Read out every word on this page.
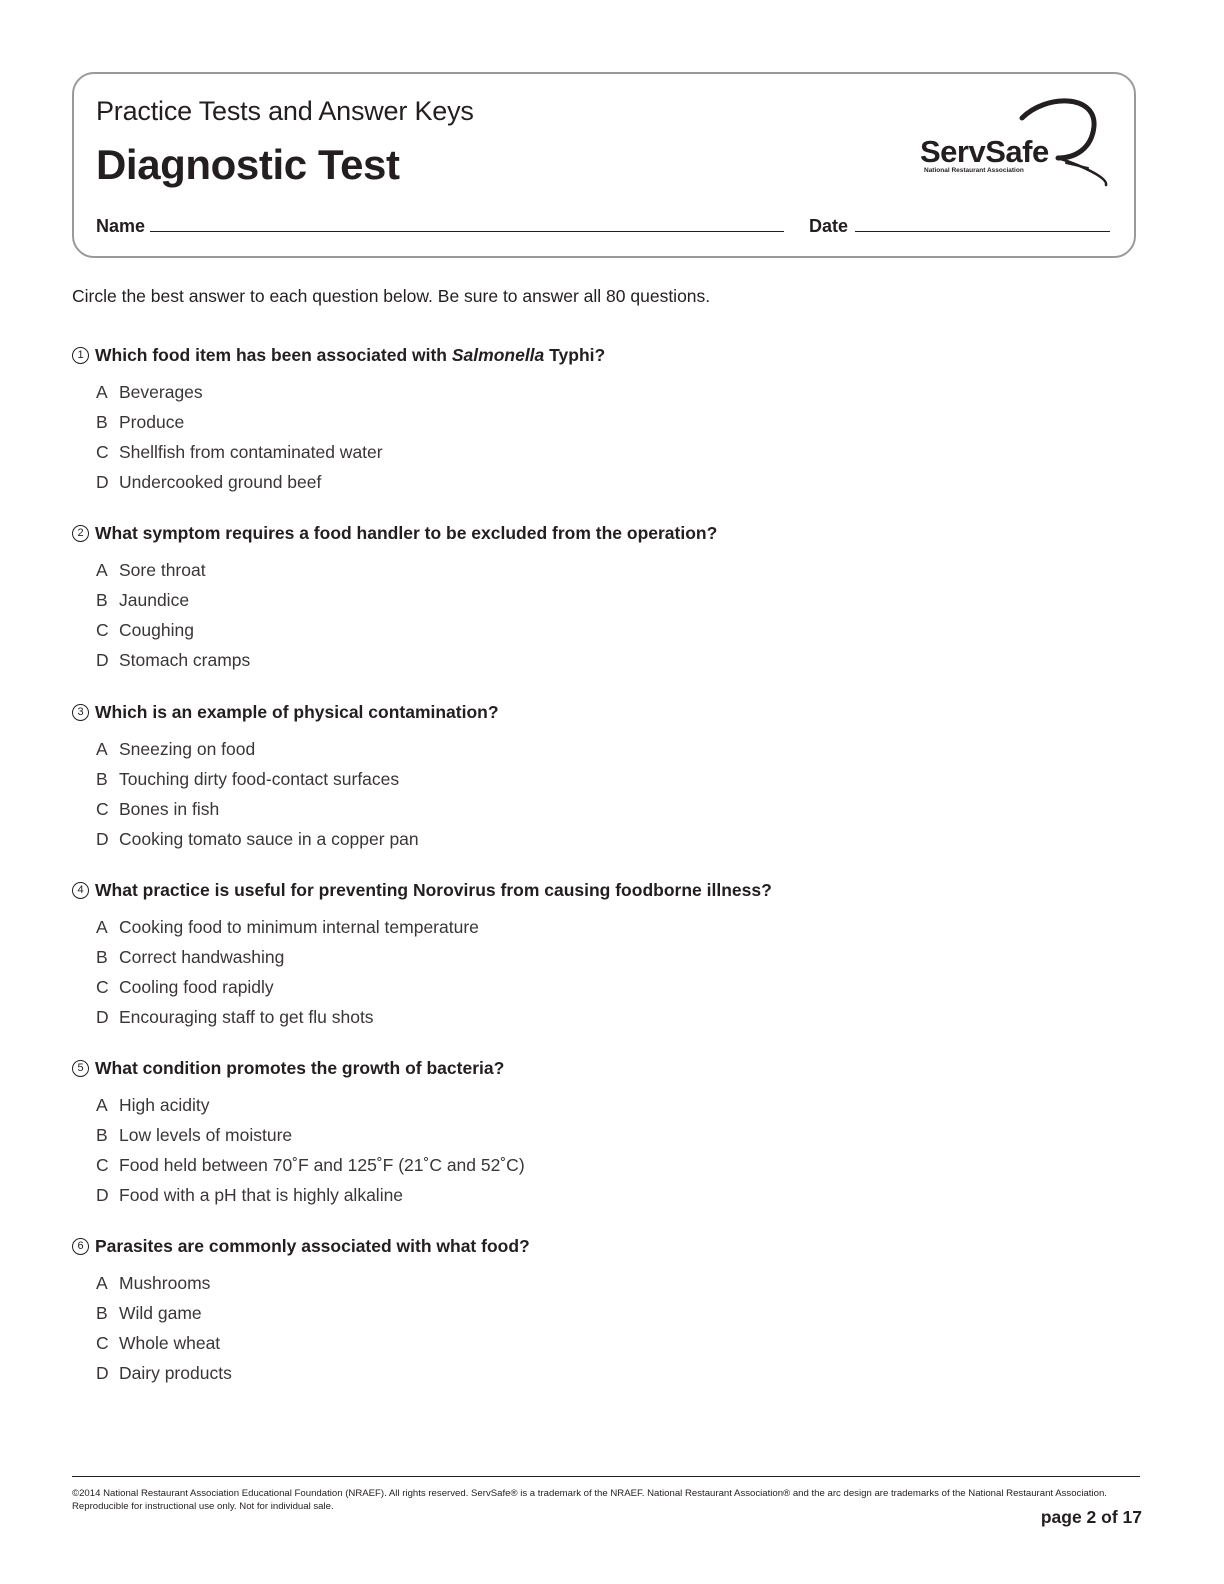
Practice Tests and Answer Keys
Diagnostic Test	ServSafe
National Restaurant Association
Name	Date
Circle the best answer to each question below. Be sure to answer all 80 questions.
1 Which food item has been associated with Salmonella Typhi?
A Beverages
B Produce
C Shellfish from contaminated water
D Undercooked ground beef
2 What symptom requires a food handler to be excluded from the operation?
A Sore throat
B Jaundice
C Coughing
D Stomach cramps
3 Which is an example of physical contamination?
A Sneezing on food
B Touching dirty food-contact surfaces
C Bones in fish
D Cooking tomato sauce in a copper pan
4 What practice is useful for preventing Norovirus from causing foodborne illness?
A Cooking food to minimum internal temperature
B Correct handwashing
C Cooling food rapidly
D Encouraging staff to get flu shots
5 What condition promotes the growth of bacteria?
A High acidity
B Low levels of moisture
C Food held between 70˚F and 125˚F (21˚C and 52˚C)
D Food with a pH that is highly alkaline
6 Parasites are commonly associated with what food?
A Mushrooms
B Wild game
C Whole wheat
D Dairy products
©2014 National Restaurant Association Educational Foundation (NRAEF). All rights reserved. ServSafe® is a trademark of the NRAEF. National Restaurant Association® and the arc design are trademarks of the National Restaurant Association. Reproducible for instructional use only. Not for individual sale.
page 2 of 17
